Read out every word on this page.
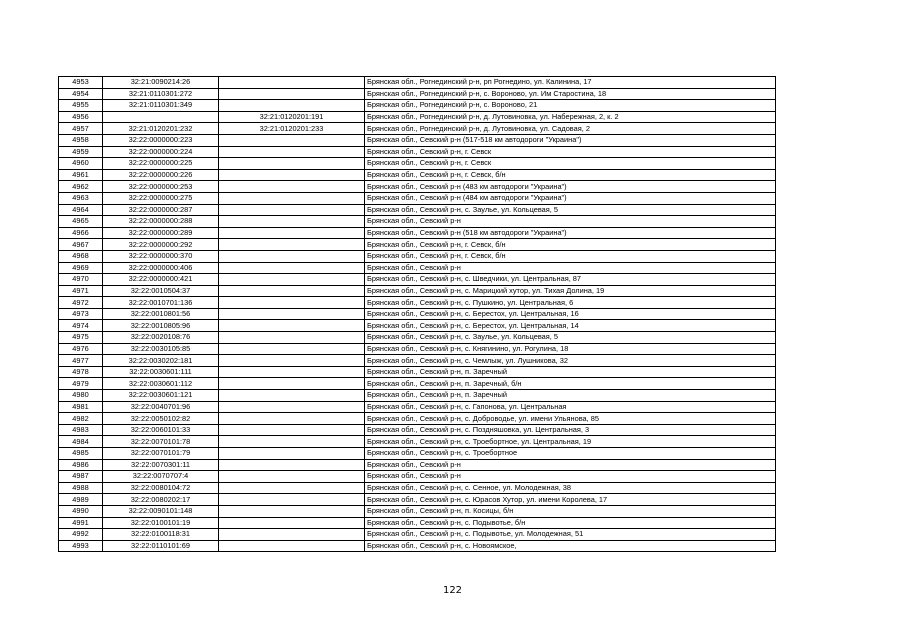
4953	32:21:0090214:26		Брянская обл., Рогнединский р-н, рп Рогнедино, ул. Калинина, 17
4954	32:21:0110301:272		Брянская обл., Рогнединский р-н, с. Вороново, ул. Им Старостина, 18
4955	32:21:0110301:349		Брянская обл., Рогнединский р-н, с. Вороново, 21
4956		32:21:0120201:191	Брянская обл., Рогнединский р-н, д. Лутовиновка, ул. Набережная, 2, к. 2
4957	32:21:0120201:232	32:21:0120201:233	Брянская обл., Рогнединский р-н, д. Лутовиновка, ул. Садовая, 2
4958	32:22:0000000:223		Брянская обл., Севский р-н (517-518 км автодороги "Украина")
4959	32:22:0000000:224		Брянская обл., Севский р-н, г. Севск
4960	32:22:0000000:225		Брянская обл., Севский р-н, г. Севск
4961	32:22:0000000:226		Брянская обл., Севский р-н, г. Севск, б/н
4962	32:22:0000000:253		Брянская обл., Севский р-н (483 км автодороги "Украина")
4963	32:22:0000000:275		Брянская обл., Севский р-н (484 км автодороги "Украина")
4964	32:22:0000000:287		Брянская обл., Севский р-н, с. Заулье, ул. Кольцевая, 5
4965	32:22:0000000:288		Брянская обл., Севский р-н
4966	32:22:0000000:289		Брянская обл., Севский р-н (518 км автодороги "Украина")
4967	32:22:0000000:292		Брянская обл., Севский р-н, г. Севск, б/н
4968	32:22:0000000:370		Брянская обл., Севский р-н, г. Севск, б/н
4969	32:22:0000000:406		Брянская обл., Севский р-н
4970	32:22:0000000:421		Брянская обл., Севский р-н, с. Шведчики, ул. Центральная, 87
4971	32:22:0010504:37		Брянская обл., Севский р-н, с. Марицкий хутор, ул. Тихая Долина, 19
4972	32:22:0010701:136		Брянская обл., Севский р-н, с. Пушкино, ул. Центральная, 6
4973	32:22:0010801:56		Брянская обл., Севский р-н, с. Берестох, ул. Центральная, 16
4974	32:22:0010805:96		Брянская обл., Севский р-н, с. Берестох, ул. Центральная, 14
4975	32:22:0020108:76		Брянская обл., Севский р-н, с. Заулье, ул. Кольцевая, 5
4976	32:22:0030105:85		Брянская обл., Севский р-н, с. Княгинино, ул. Рогулина, 18
4977	32:22:0030202:181		Брянская обл., Севский р-н, с. Чемлыж, ул. Лушникова, 32
4978	32:22:0030601:111		Брянская обл., Севский р-н, п. Заречный
4979	32:22:0030601:112		Брянская обл., Севский р-н, п. Заречный, б/н
4980	32:22:0030601:121		Брянская обл., Севский р-н, п. Заречный
4981	32:22:0040701:96		Брянская обл., Севский р-н, с. Гапонова, ул. Центральная
4982	32:22:0050102:82		Брянская обл., Севский р-н, с. Доброводье, ул. имени Ульянова, 85
4983	32:22:0060101:33		Брянская обл., Севский р-н, с. Поздняшовка, ул. Центральная, 3
4984	32:22:0070101:78		Брянская обл., Севский р-н, с. Троебортное, ул. Центральная, 19
4985	32:22:0070101:79		Брянская обл., Севский р-н, с. Троебортное
4986	32:22:0070301:11		Брянская обл., Севский р-н
4987	32:22:0070707:4		Брянская обл., Севский р-н
4988	32:22:0080104:72		Брянская обл., Севский р-н, с. Сенное, ул. Молодежная, 38
4989	32:22:0080202:17		Брянская обл., Севский р-н, с. Юрасов Хутор, ул. имени Королева, 17
4990	32:22:0090101:148		Брянская обл., Севский р-н, п. Косицы, б/н
4991	32:22:0100101:19		Брянская обл., Севский р-н, с. Подывотье, б/н
4992	32:22:0100118:31		Брянская обл., Севский р-н, с. Подывотье, ул. Молодежная, 51
4993	32:22:0110101:69		Брянская обл., Севский р-н, с. Новоямское,
122
